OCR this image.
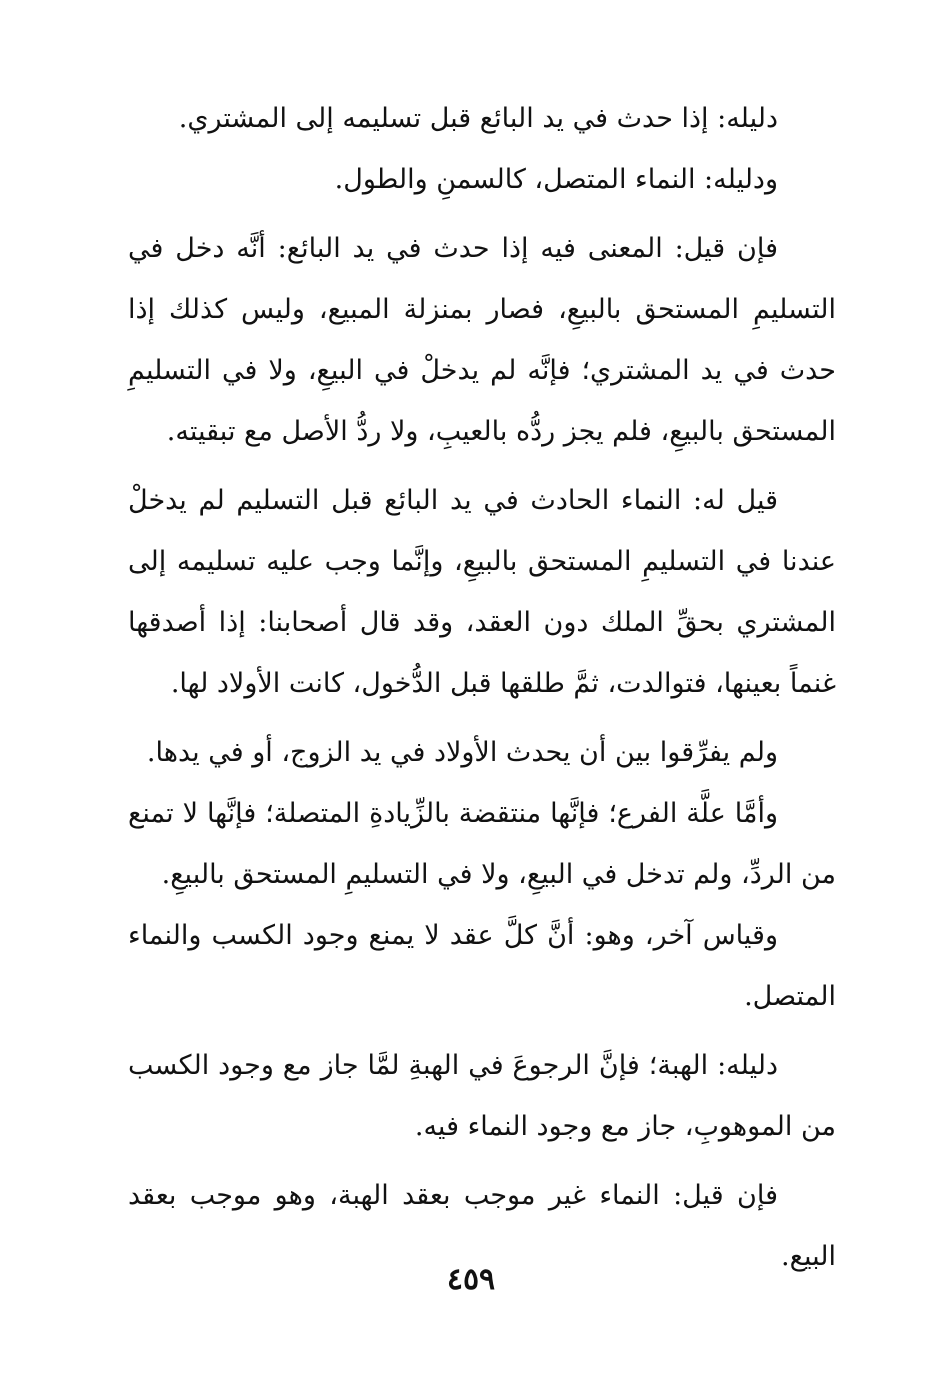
دليله: إذا حدث في يد البائع قبل تسليمه إلى المشتري.

ودليله: النماء المتصل، كالسمنِ والطول.

فإن قيل: المعنى فيه إذا حدث في يد البائع: أنَّه دخل في التسليمِ المستحق بالبيعِ، فصار بمنزلة المبيع، وليس كذلك إذا حدث في يد المشتري؛ فإنَّه لم يدخلْ في البيعِ، ولا في التسليمِ المستحق بالبيعِ، فلم يجز ردُّه بالعيبِ، ولا ردُّ الأصل مع تبقيته.

قيل له: النماء الحادث في يد البائع قبل التسليم لم يدخلْ عندنا في التسليمِ المستحق بالبيعِ، وإنَّما وجب عليه تسليمه إلى المشتري بحقِّ الملك دون العقد، وقد قال أصحابنا: إذا أصدقها غنماً بعينها، فتوالدت، ثمَّ طلقها قبل الدُّخول، كانت الأولاد لها.

ولم يفرِّقوا بين أن يحدث الأولاد في يد الزوج، أو في يدها.

وأمَّا علَّة الفرع؛ فإنَّها منتقضة بالزِّيادةِ المتصلة؛ فإنَّها لا تمنع من الردِّ، ولم تدخل في البيعِ، ولا في التسليمِ المستحق بالبيعِ.

وقياس آخر، وهو: أنَّ كلَّ عقد لا يمنع وجود الكسب والنماء المتصل.

دليله: الهبة؛ فإنَّ الرجوعَ في الهبةِ لمَّا جاز مع وجود الكسب من الموهوبِ، جاز مع وجود النماء فيه.

فإن قيل: النماء غير موجب بعقد الهبة، وهو موجب بعقد البيع.

٤٥٩
